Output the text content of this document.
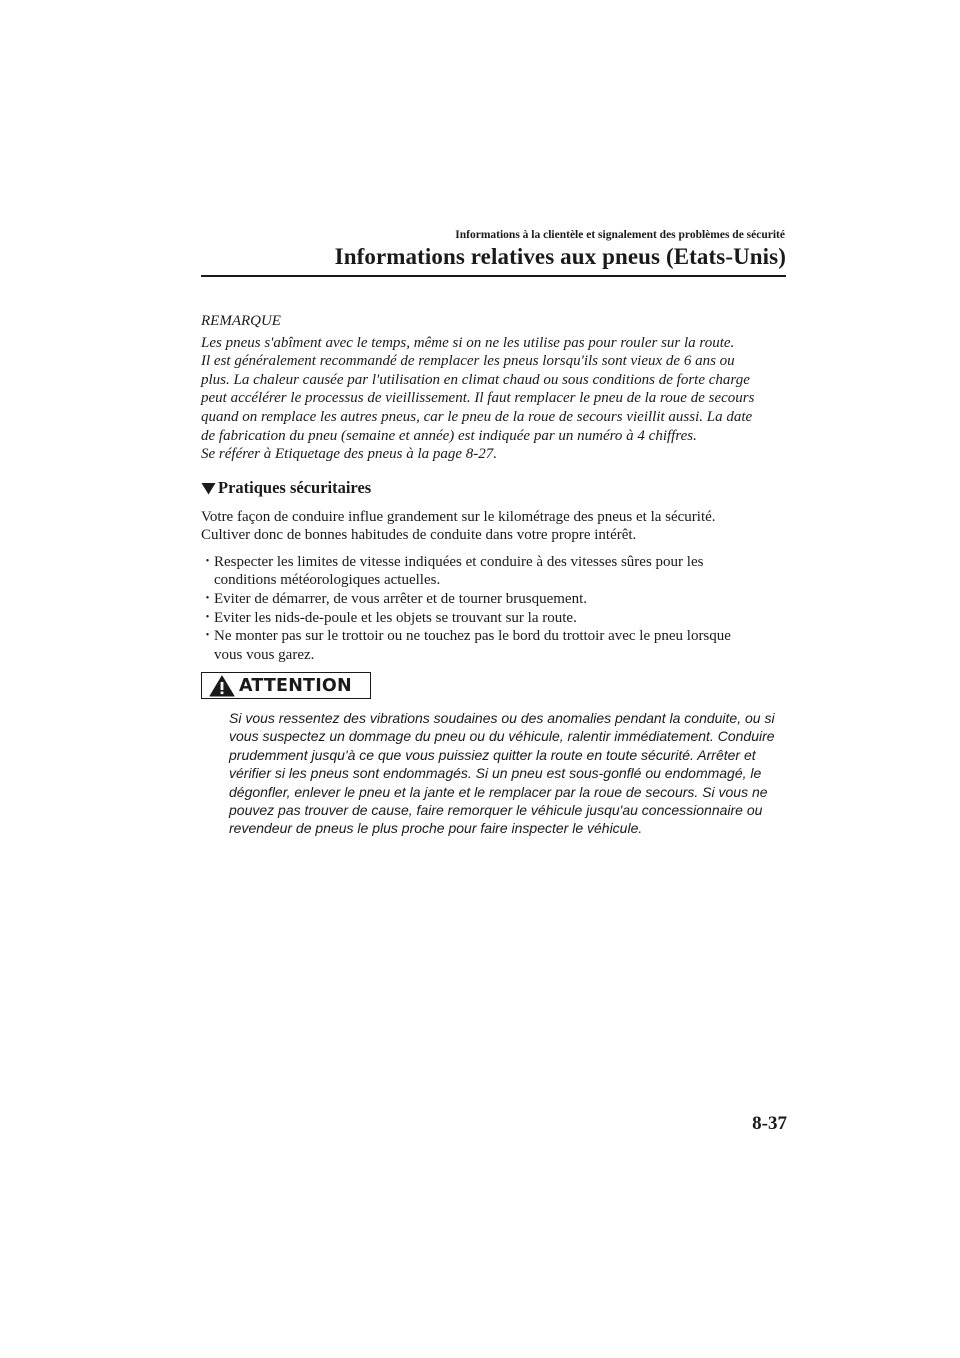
Informations à la clientèle et signalement des problèmes de sécurité
Informations relatives aux pneus (Etats-Unis)
REMARQUE

Les pneus s'abîment avec le temps, même si on ne les utilise pas pour rouler sur la route.

Il est généralement recommandé de remplacer les pneus lorsqu'ils sont vieux de 6 ans ou

plus. La chaleur causée par l'utilisation en climat chaud ou sous conditions de forte charge

peut accélérer le processus de vieillissement. Il faut remplacer le pneu de la roue de secours

quand on remplace les autres pneus, car le pneu de la roue de secours vieillit aussi. La date

de fabrication du pneu (semaine et année) est indiquée par un numéro à 4 chiffres.

Se référer à Etiquetage des pneus à la page 8-27.

Pratiques sécuritaires

Votre façon de conduire influe grandement sur le kilométrage des pneus et la sécurité.

Cultiver donc de bonnes habitudes de conduite dans votre propre intérêt.

• Respecter les limites de vitesse indiquées et conduire à des vitesses sûres pour les

conditions météorologiques actuelles.

• Eviter de démarrer, de vous arrêter et de tourner brusquement.

• Eviter les nids-de-poule et les objets se trouvant sur la route.

• Ne monter pas sur le trottoir ou ne touchez pas le bord du trottoir avec le pneu lorsque

vous vous garez.

ATTENTION

Si vous ressentez des vibrations soudaines ou des anomalies pendant la conduite, ou si

vous suspectez un dommage du pneu ou du véhicule, ralentir immédiatement. Conduire

prudemment jusqu'à ce que vous puissiez quitter la route en toute sécurité. Arrêter et

vérifier si les pneus sont endommagés. Si un pneu est sous-gonflé ou endommagé, le

dégonfler, enlever le pneu et la jante et le remplacer par la roue de secours. Si vous ne

pouvez pas trouver de cause, faire remorquer le véhicule jusqu'au concessionnaire ou

revendeur de pneus le plus proche pour faire inspecter le véhicule.

8-37
